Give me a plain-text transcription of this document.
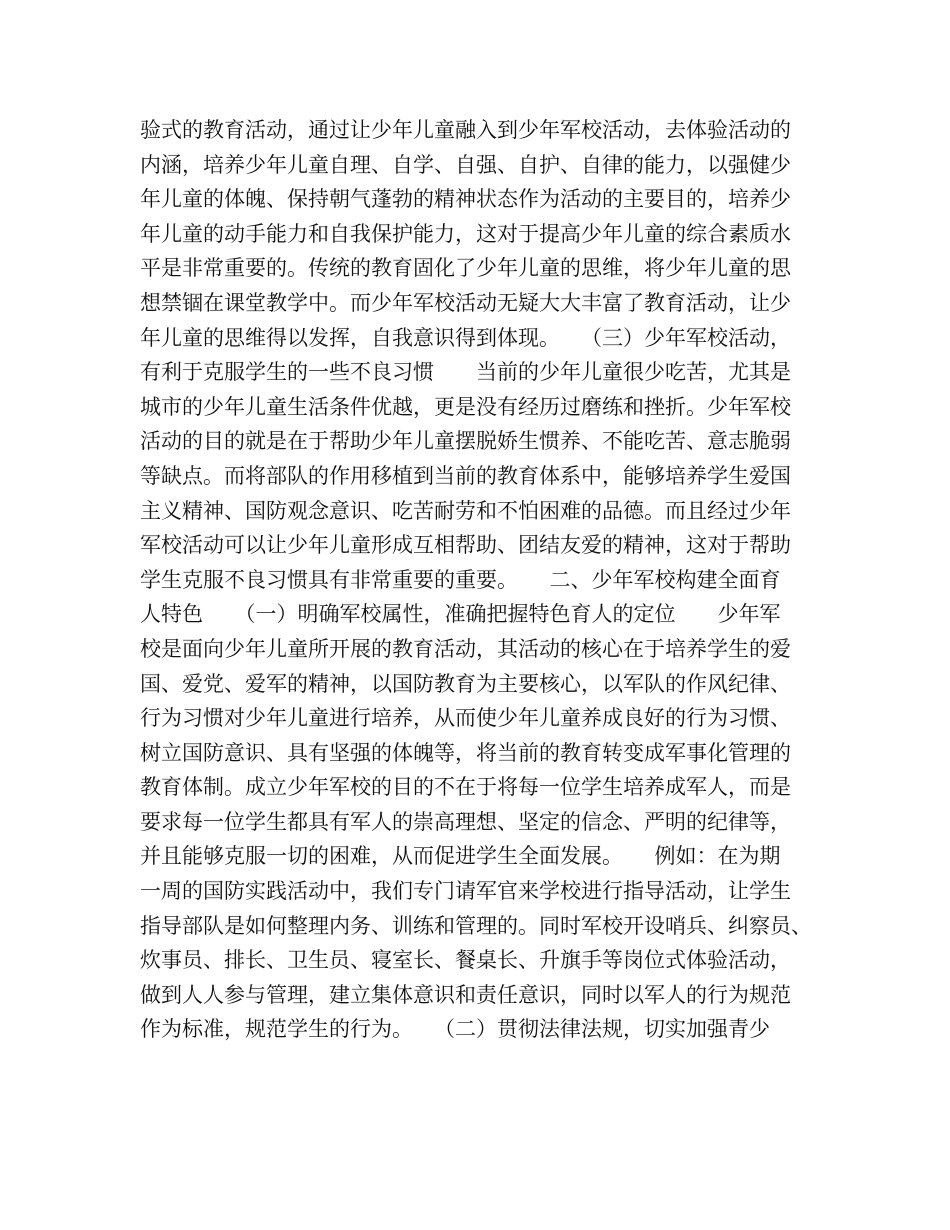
验式的教育活动，通过让少年儿童融入到少年军校活动，去体验活动的
内涵，培养少年儿童自理、自学、自强、自护、自律的能力，以强健少
年儿童的体魄、保持朝气蓬勃的精神状态作为活动的主要目的，培养少
年儿童的动手能力和自我保护能力，这对于提高少年儿童的综合素质水
平是非常重要的。传统的教育固化了少年儿童的思维，将少年儿童的思
想禁锢在课堂教学中。而少年军校活动无疑大大丰富了教育活动，让少
年儿童的思维得以发挥，自我意识得到体现。　　（三）少年军校活动，
有利于克服学生的一些不良习惯　　当前的少年儿童很少吃苦，尤其是
城市的少年儿童生活条件优越，更是没有经历过磨练和挫折。少年军校
活动的目的就是在于帮助少年儿童摆脱娇生惯养、不能吃苦、意志脆弱
等缺点。而将部队的作用移植到当前的教育体系中，能够培养学生爱国
主义精神、国防观念意识、吃苦耐劳和不怕困难的品德。而且经过少年
军校活动可以让少年儿童形成互相帮助、团结友爱的精神，这对于帮助
学生克服不良习惯具有非常重要的重要。　　二、少年军校构建全面育
人特色　　（一）明确军校属性，准确把握特色育人的定位　　少年军
校是面向少年儿童所开展的教育活动，其活动的核心在于培养学生的爱
国、爱党、爱军的精神，以国防教育为主要核心，以军队的作风纪律、
行为习惯对少年儿童进行培养，从而使少年儿童养成良好的行为习惯、
树立国防意识、具有坚强的体魄等，将当前的教育转变成军事化管理的
教育体制。成立少年军校的目的不在于将每一位学生培养成军人，而是
要求每一位学生都具有军人的崇高理想、坚定的信念、严明的纪律等，
并且能够克服一切的困难，从而促进学生全面发展。　　例如：在为期
一周的国防实践活动中，我们专门请军官来学校进行指导活动，让学生
指导部队是如何整理内务、训练和管理的。同时军校开设哨兵、纠察员、
炊事员、排长、卫生员、寝室长、餐桌长、升旗手等岗位式体验活动，
做到人人参与管理，建立集体意识和责任意识，同时以军人的行为规范
作为标准，规范学生的行为。　　（二）贯彻法律法规，切实加强青少
